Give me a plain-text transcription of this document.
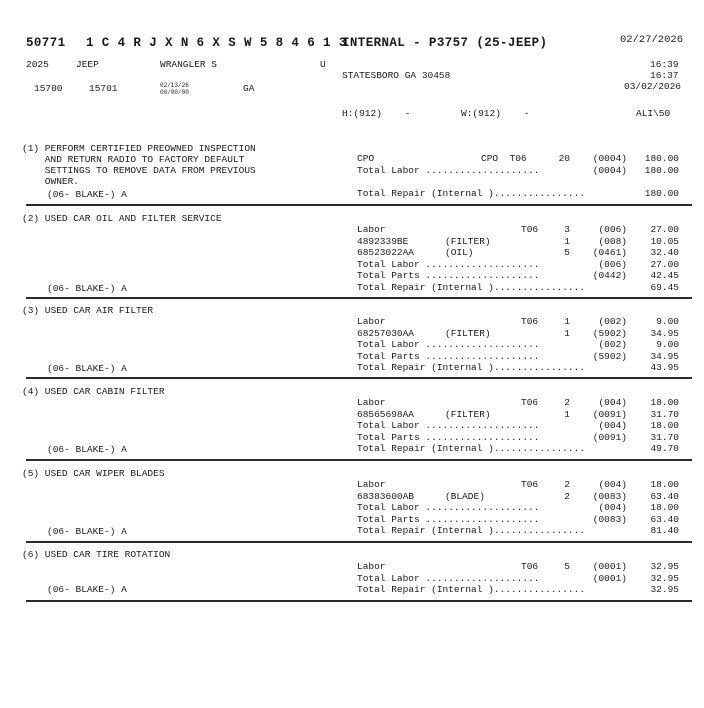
50771 1 C 4 R J X N 6 X S W 5 8 4 6 1 3
INTERNAL - P3757 (25-JEEP)	02/27/2026
2025	JEEP	WRANGLER S	U
STATESBORO GA 30458
16:39
16:37
03/02/2026
15700	15701	02/13/26
00/00/00	GA
H:(912)    -	W:(912)    -	ALI\50
(1) PERFORM CERTIFIED PREOWNED INSPECTION
AND RETURN RADIO TO FACTORY DEFAULT
SETTINGS TO REMOVE DATA FROM PREVIOUS
OWNER.
CPO	CPO  T06	20	(0004)	180.00
Total Labor ....................	(0004)	180.00
(06- BLAKE-) A	Total Repair (Internal )................	180.00
(2) USED CAR OIL AND FILTER SERVICE
Labor	T06	3	(006)	27.00
4892339BE	(FILTER)	1	(008)	10.05
68523022AA	(OIL)	5	(0461)	32.40
Total Labor ....................	(006)	27.00
Total Parts ....................	(0442)	42.45
(06- BLAKE-) A	Total Repair (Internal )................	69.45
(3) USED CAR AIR FILTER
Labor	T06	1	(002)	9.00
68257030AA	(FILTER)	1	(5902)	34.95
Total Labor ....................	(002)	9.00
Total Parts ....................	(5902)	34.95
(06- BLAKE-) A	Total Repair (Internal )................	43.95
(4) USED CAR CABIN FILTER
Labor	T06	2	(004)	18.00
68565698AA	(FILTER)	1	(0091)	31.70
Total Labor ....................	(004)	18.00
Total Parts ....................	(0091)	31.70
(06- BLAKE-) A	Total Repair (Internal )................	49.70
(5) USED CAR WIPER BLADES
Labor	T06	2	(004)	18.00
68383600AB	(BLADE)	2	(0083)	63.40
Total Labor ....................	(004)	18.00
Total Parts ....................	(0083)	63.40
(06- BLAKE-) A	Total Repair (Internal )................	81.40
(6) USED CAR TIRE ROTATION
Labor	T06	5	(0001)	32.95
Total Labor ....................	(0001)	32.95
(06- BLAKE-) A	Total Repair (Internal )................	32.95
